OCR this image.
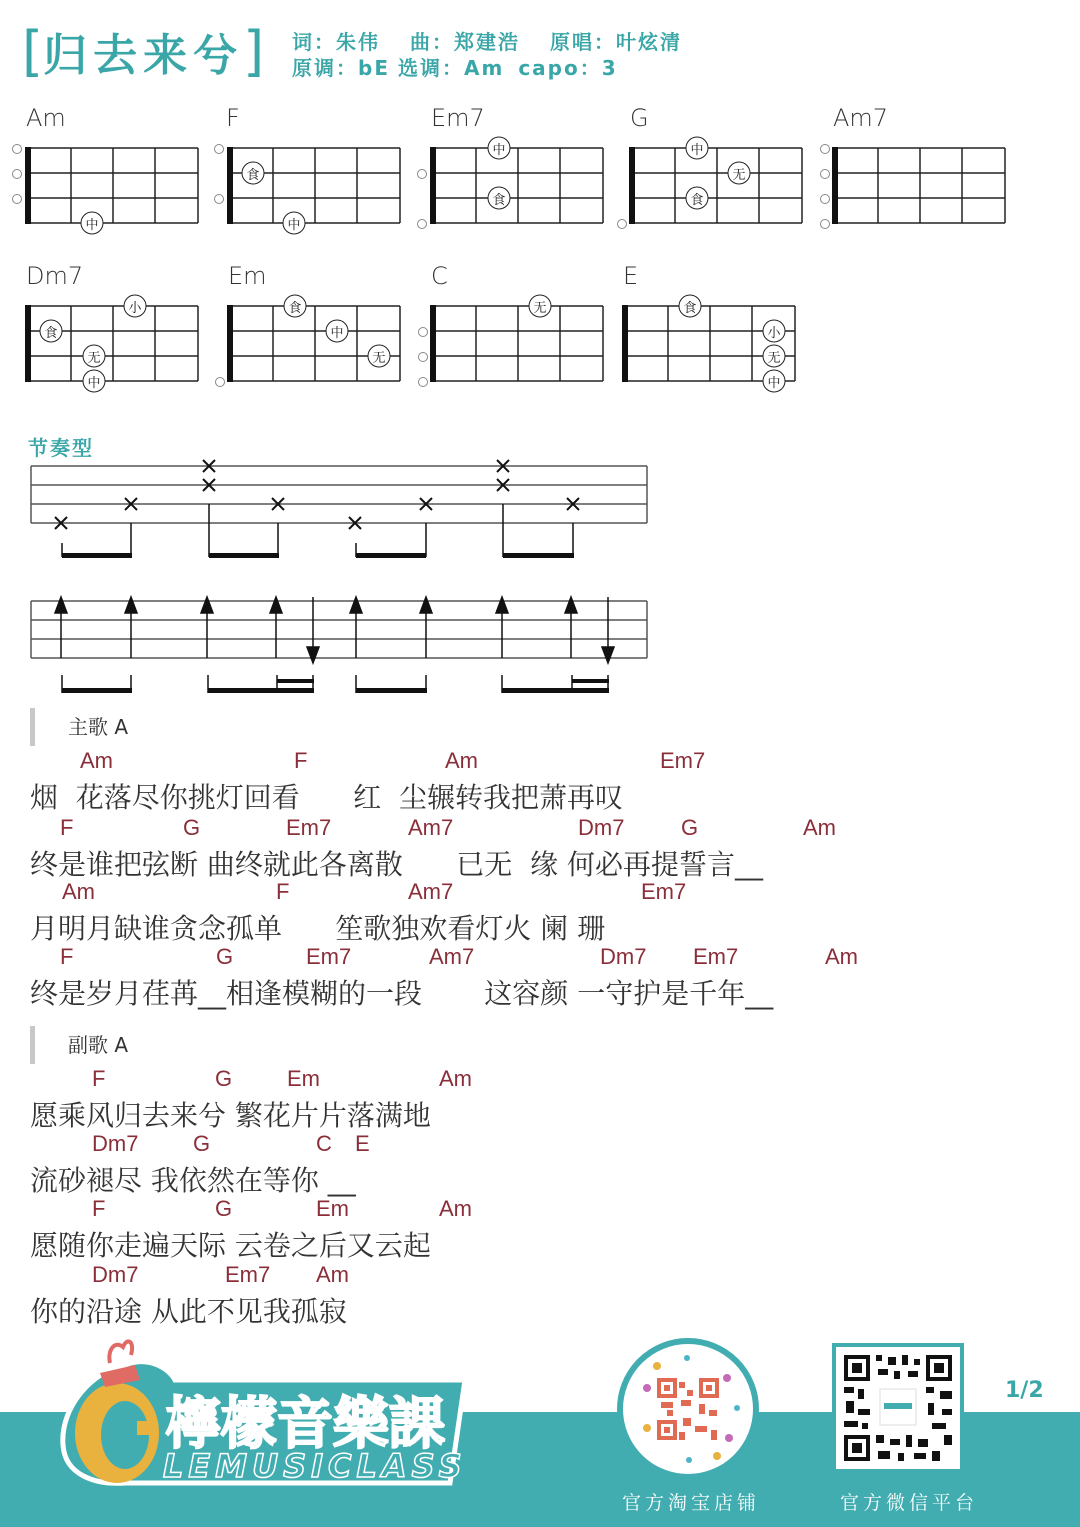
[归去来兮] 词：朱伟 曲：郑建浩 原唱：叶炫清
原调：bE 选调：Am capo：3
Am
中
F
食
中
Em7
中
食
G
中
无
食
Am7
Dm7
小
食
无
中
Em
食
中
无
C
无
E
食
小
无
中
节奏型
主歌 A
Am	F	Am	Em7
烟  花落尽你挑灯回看      红  尘辗转我把萧再叹
F	G	Em7	Am7	Dm7	G	Am
终是谁把弦断 曲终就此各离散      已无  缘 何必再提誓言__
Am	F	Am7	Em7
月明月缺谁贪念孤单      笙歌独欢看灯火 阑 珊
F	G	Em7	Am7	Dm7 Em7	Am
终是岁月荏苒__相逢模糊的一段       这容颜 一守护是千年__
副歌 A
F	G Em	Am
愿乘风归去来兮 繁花片片落满地
Dm7 G	C E
流砂褪尽 我依然在等你 __
F	G	Em	Am
愿随你走遍天际 云卷之后又云起
Dm7	Em7 Am
你的沿途 从此不见我孤寂
檸檬音樂課
LEMUSICLASS
官方淘宝店铺	官方微信平台
1/2
